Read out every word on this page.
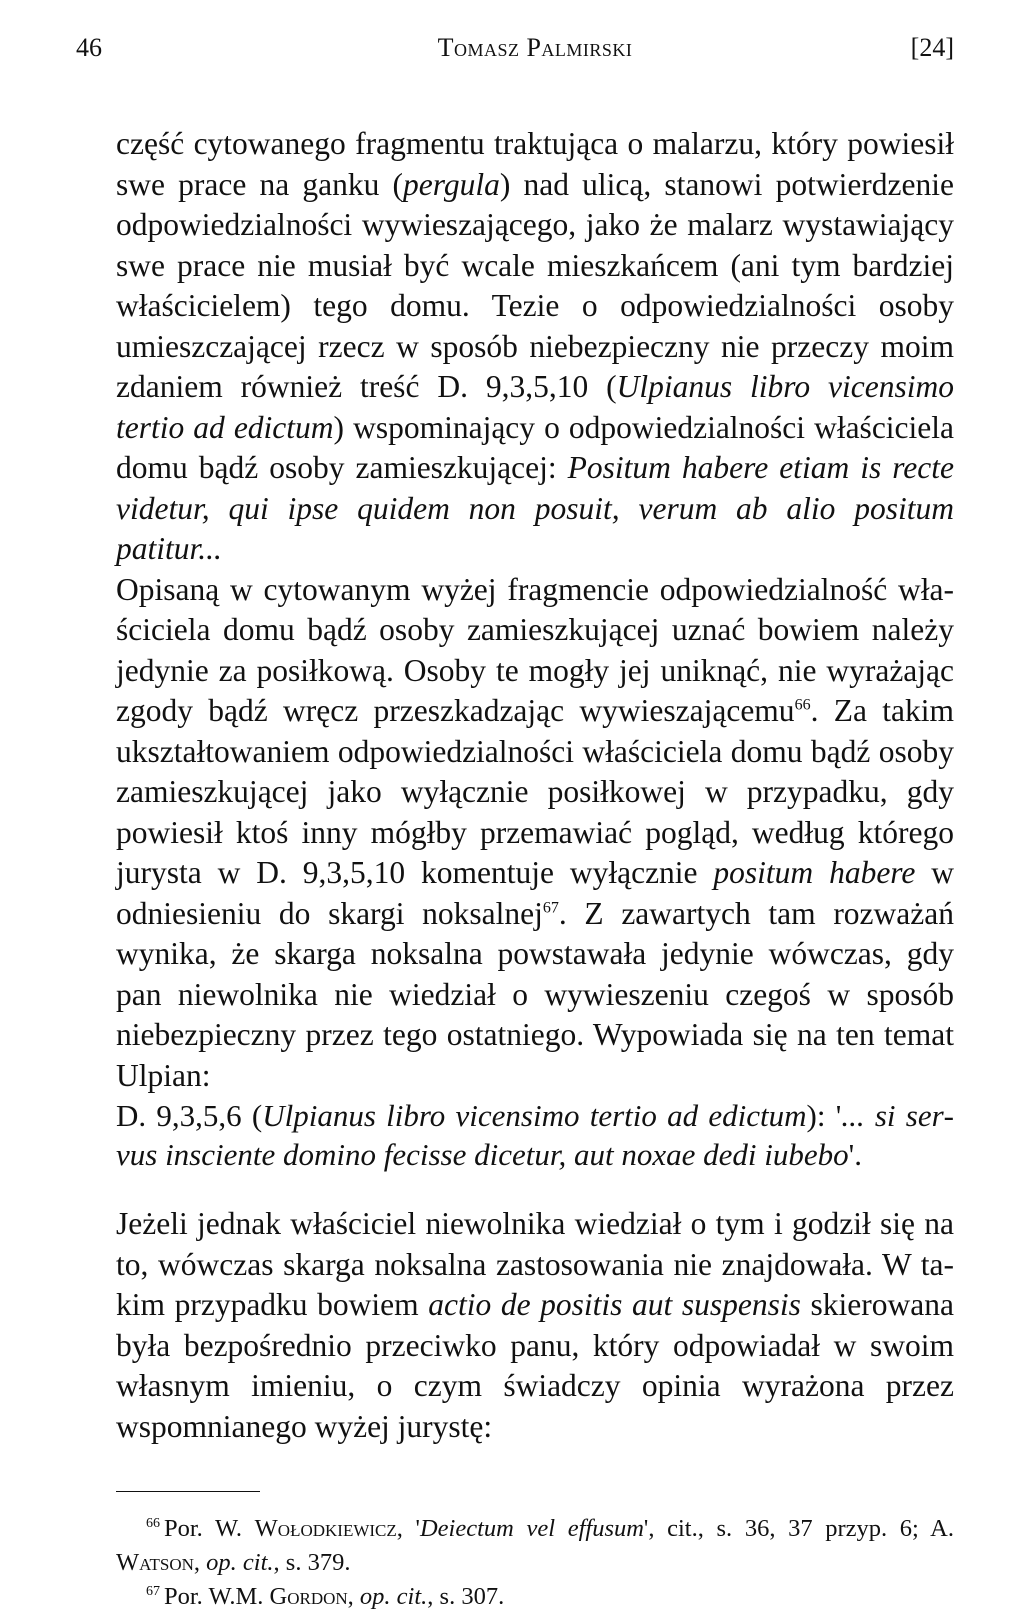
46	Tomasz Palmirski	[24]

część cytowanego fragmentu traktująca o malarzu, który powiesił swe prace na ganku (pergula) nad ulicą, stanowi potwierdzenie odpowiedzialności wywieszającego, jako że malarz wystawiający swe prace nie musiał być wcale mieszkańcem (ani tym bardziej właścicielem) tego domu. Tezie o odpowiedzialności osoby umieszczającej rzecz w sposób niebezpieczny nie przeczy moim zdaniem również treść D. 9,3,5,10 (Ulpianus libro vicensimo tertio ad edictum) wspominający o odpowiedzialności właściciela domu bądź osoby zamieszkującej: Positum habere etiam is recte videtur, qui ipse quidem non posuit, verum ab alio positum patitur...

Opisaną w cytowanym wyżej fragmencie odpowiedzialność właściciela domu bądź osoby zamieszkującej uznać bowiem należy jedynie za posiłkową. Osoby te mogły jej uniknąć, nie wyrażając zgody bądź wręcz przeszkadzając wywieszającemu$^{66}$. Za takim ukształtowaniem odpowiedzialności właściciela domu bądź osoby zamieszkującej jako wyłącznie posiłkowej w przypadku, gdy powiesił ktoś inny mógłby przemawiać pogląd, według którego jurysta w D. 9,3,5,10 komentuje wyłącznie positum habere w odniesieniu do skargi noksalnej$^{67}$. Z zawartych tam rozważań wynika, że skarga noksalna powstawała jedynie wówczas, gdy pan niewolnika nie wiedział o wywieszeniu czegoś w sposób niebezpieczny przez tego ostatniego. Wypowiada się na ten temat Ulpian:

D. 9,3,5,6 (Ulpianus libro vicensimo tertio ad edictum): '... si servus insciente domino fecisse dicetur, aut noxae dedi iubebo'.

Jeżeli jednak właściciel niewolnika wiedział o tym i godził się na to, wówczas skarga noksalna zastosowania nie znajdowała. W takim przypadku bowiem actio de positis aut suspensis skierowana była bezpośrednio przeciwko panu, który odpowiadał w swoim własnym imieniu, o czym świadczy opinia wyrażona przez wspomnianego wyżej jurystę:

$^{66}$ Por. W. Wołodkiewicz, 'Deiectum vel effusum', cit., s. 36, 37 przyp. 6; A. Watson, op. cit., s. 379.

$^{67}$ Por. W.M. Gordon, op. cit., s. 307.
